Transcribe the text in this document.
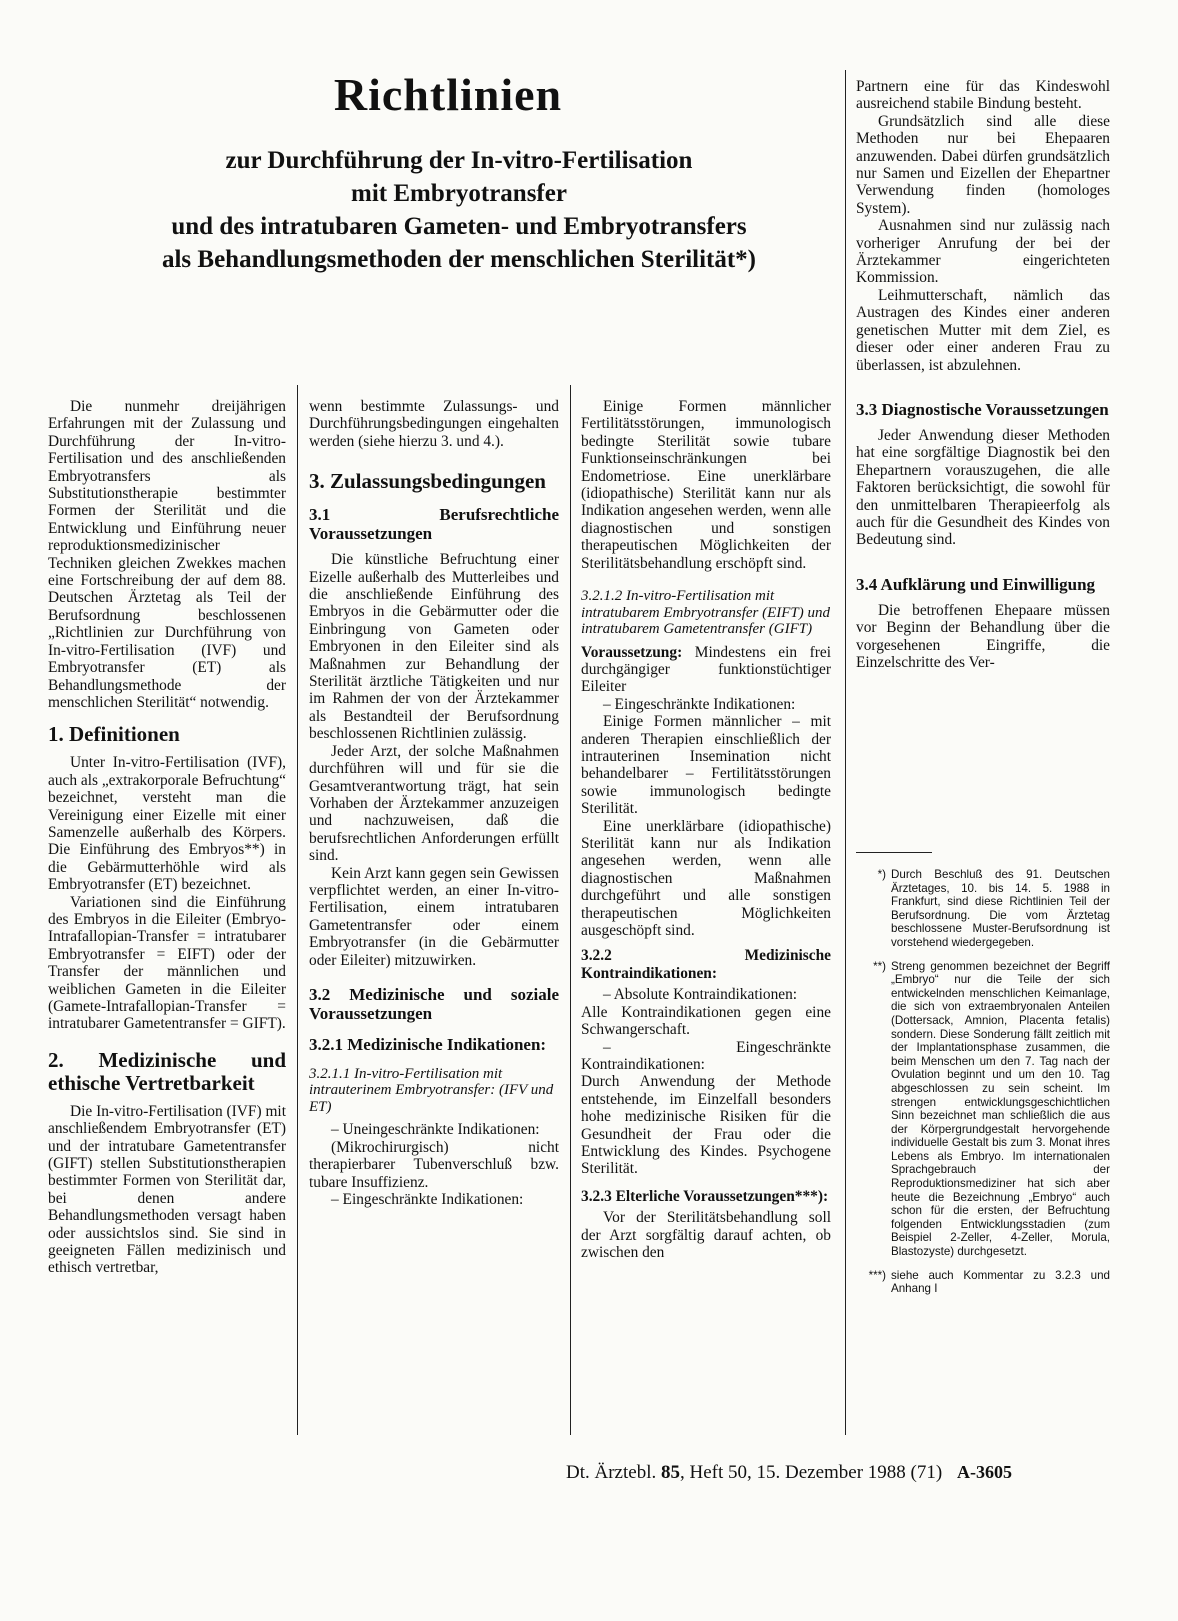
Richtlinien

zur Durchführung der In-vitro-Fertilisation

mit Embryotransfer

und des intratubaren Gameten- und Embryotransfers

als Behandlungsmethoden der menschlichen Sterilität*)

Die nunmehr dreijährigen Erfahrungen mit der Zulassung und Durchführung der In-vitro-Fertilisation und des anschließenden Embryotransfers als Substitutionstherapie bestimmter Formen der Sterilität und die Entwicklung und Einführung neuer reproduktionsmedizinischer Techniken gleichen Zwekkes machen eine Fortschreibung der auf dem 88. Deutschen Ärztetag als Teil der Berufsordnung beschlossenen „Richtlinien zur Durchführung von In-vitro-Fertilisation (IVF) und Embryotransfer (ET) als Behandlungsmethode der menschlichen Sterilität“ notwendig.

1. Definitionen

Unter In-vitro-Fertilisation (IVF), auch als „extrakorporale Befruchtung“ bezeichnet, versteht man die Vereinigung einer Eizelle mit einer Samenzelle außerhalb des Körpers. Die Einführung des Embryos**) in die Gebärmutterhöhle wird als Embryotransfer (ET) bezeichnet.

Variationen sind die Einführung des Embryos in die Eileiter (Embryo-Intrafallopian-Transfer = intratubarer Embryotransfer = EIFT) oder der Transfer der männlichen und weiblichen Gameten in die Eileiter (Gamete-Intrafallopian-Transfer = intratubarer Gametentransfer = GIFT).

2. Medizinische und ethische Vertretbarkeit

Die In-vitro-Fertilisation (IVF) mit anschließendem Embryotransfer (ET) und der intratubare Gametentransfer (GIFT) stellen Substitutionstherapien bestimmter Formen von Sterilität dar, bei denen andere Behandlungsmethoden versagt haben oder aussichtslos sind. Sie sind in geeigneten Fällen medizinisch und ethisch vertretbar,

wenn bestimmte Zulassungs- und Durchführungsbedingungen eingehalten werden (siehe hierzu 3. und 4.).

3. Zulassungsbedingungen
3.1 Berufsrechtliche Voraussetzungen

Die künstliche Befruchtung einer Eizelle außerhalb des Mutterleibes und die anschließende Einführung des Embryos in die Gebärmutter oder die Einbringung von Gameten oder Embryonen in den Eileiter sind als Maßnahmen zur Behandlung der Sterilität ärztliche Tätigkeiten und nur im Rahmen der von der Ärztekammer als Bestandteil der Berufsordnung beschlossenen Richtlinien zulässig.

Jeder Arzt, der solche Maßnahmen durchführen will und für sie die Gesamtverantwortung trägt, hat sein Vorhaben der Ärztekammer anzuzeigen und nachzuweisen, daß die berufsrechtlichen Anforderungen erfüllt sind.

Kein Arzt kann gegen sein Gewissen verpflichtet werden, an einer In-vitro-Fertilisation, einem intratubaren Gametentransfer oder einem Embryotransfer (in die Gebärmutter oder Eileiter) mitzuwirken.

3.2 Medizinische und soziale Voraussetzungen
3.2.1 Medizinische Indikationen:

3.2.1.1 In-vitro-Fertilisation mit intrauterinem Embryotransfer: (IFV und ET)

– Uneingeschränkte Indikationen:

(Mikrochirurgisch) nicht therapierbarer Tubenverschluß bzw. tubare Insuffizienz.

– Eingeschränkte Indikationen:

Einige Formen männlicher Fertilitätsstörungen, immunologisch bedingte Sterilität sowie tubare Funktionseinschränkungen bei Endometriose. Eine unerklärbare (idiopathische) Sterilität kann nur als Indikation angesehen werden, wenn alle diagnostischen und sonstigen therapeutischen Möglichkeiten der Sterilitätsbehandlung erschöpft sind.

3.2.1.2 In-vitro-Fertilisation mit intratubarem Embryotransfer (EIFT) und intratubarem Gametentransfer (GIFT)

Voraussetzung: Mindestens ein frei durchgängiger funktionstüchtiger Eileiter

– Eingeschränkte Indikationen:

Einige Formen männlicher – mit anderen Therapien einschließlich der intrauterinen Insemination nicht behandelbarer – Fertilitätsstörungen sowie immunologisch bedingte Sterilität.

Eine unerklärbare (idiopathische) Sterilität kann nur als Indikation angesehen werden, wenn alle diagnostischen Maßnahmen durchgeführt und alle sonstigen therapeutischen Möglichkeiten ausgeschöpft sind.

3.2.2 Medizinische Kontraindikationen:

– Absolute Kontraindikationen:

Alle Kontraindikationen gegen eine Schwangerschaft.

– Eingeschränkte Kontraindikationen:

Durch Anwendung der Methode entstehende, im Einzelfall besonders hohe medizinische Risiken für die Gesundheit der Frau oder die Entwicklung des Kindes. Psychogene Sterilität.

3.2.3 Elterliche Voraussetzungen***):

Vor der Sterilitätsbehandlung soll der Arzt sorgfältig darauf achten, ob zwischen den

Partnern eine für das Kindeswohl ausreichend stabile Bindung besteht.

Grundsätzlich sind alle diese Methoden nur bei Ehepaaren anzuwenden. Dabei dürfen grundsätzlich nur Samen und Eizellen der Ehepartner Verwendung finden (homologes System).

Ausnahmen sind nur zulässig nach vorheriger Anrufung der bei der Ärztekammer eingerichteten Kommission.

Leihmutterschaft, nämlich das Austragen des Kindes einer anderen genetischen Mutter mit dem Ziel, es dieser oder einer anderen Frau zu überlassen, ist abzulehnen.

3.3 Diagnostische Voraussetzungen

Jeder Anwendung dieser Methoden hat eine sorgfältige Diagnostik bei den Ehepartnern vorauszugehen, die alle Faktoren berücksichtigt, die sowohl für den unmittelbaren Therapieerfolg als auch für die Gesundheit des Kindes von Bedeutung sind.

3.4 Aufklärung und Einwilligung

Die betroffenen Ehepaare müssen vor Beginn der Behandlung über die vorgesehenen Eingriffe, die Einzelschritte des Ver-

*) Durch Beschluß des 91. Deutschen Ärztetages, 10. bis 14. 5. 1988 in Frankfurt, sind diese Richtlinien Teil der Berufsordnung. Die vom Ärztetag beschlossene Muster-Berufsordnung ist vorstehend wiedergegeben.
**) Streng genommen bezeichnet der Begriff „Embryo“ nur die Teile der sich entwickelnden menschlichen Keimanlage, die sich von extraembryonalen Anteilen (Dottersack, Amnion, Placenta fetalis) sondern. Diese Sonderung fällt zeitlich mit der Implantationsphase zusammen, die beim Menschen um den 7. Tag nach der Ovulation beginnt und um den 10. Tag abgeschlossen zu sein scheint. Im strengen entwicklungsgeschichtlichen Sinn bezeichnet man schließlich die aus der Körpergrundgestalt hervorgehende individuelle Gestalt bis zum 3. Monat ihres Lebens als Embryo. Im internationalen Sprachgebrauch der Reproduktionsmediziner hat sich aber heute die Bezeichnung „Embryo“ auch schon für die ersten, der Befruchtung folgenden Entwicklungsstadien (zum Beispiel 2-Zeller, 4-Zeller, Morula, Blastozyste) durchgesetzt.
***) siehe auch Kommentar zu 3.2.3 und Anhang I
Dt. Ärztebl. 85, Heft 50, 15. Dezember 1988 (71) A-3605
